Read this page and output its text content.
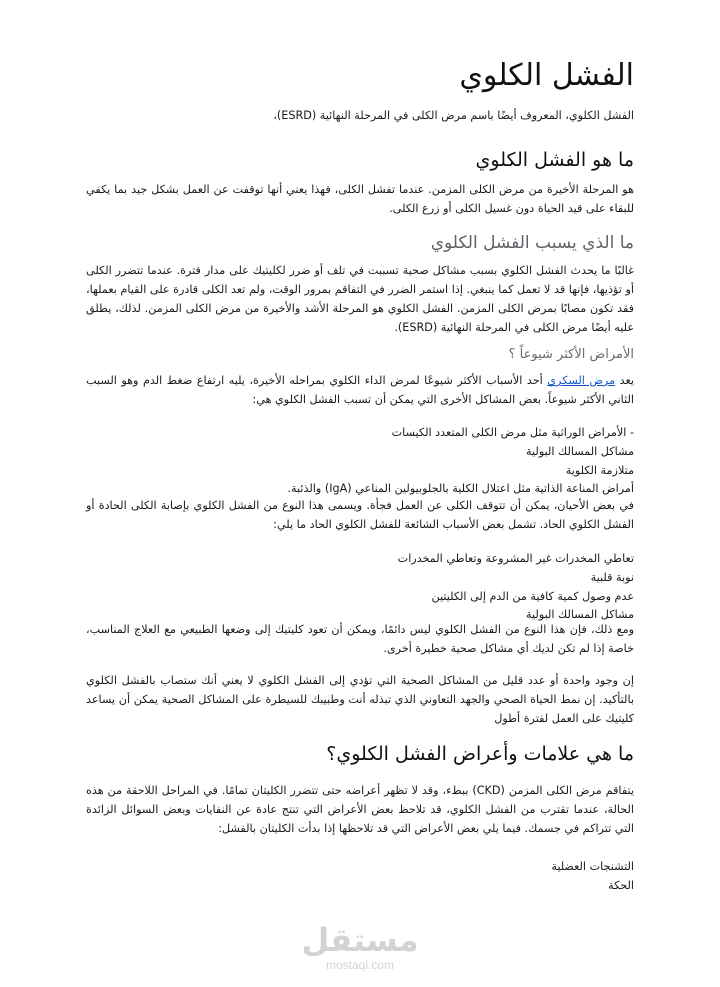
الفشل الكلوي

الفشل الكلوي، المعروف أيضًا باسم مرض الكلى في المرحلة النهائية (ESRD)،

ما هو الفشل الكلوي

هو المرحلة الأخيرة من مرض الكلى المزمن. عندما تفشل الكلى، فهذا يعني أنها توقفت عن العمل بشكل جيد بما يكفي للبقاء على قيد الحياة دون غسيل الكلى أو زرع الكلى.

ما الذي يسبب الفشل الكلوي

غالبًا ما يحدث الفشل الكلوي بسبب مشاكل صحية تسببت في تلف أو ضرر لكليتيك على مدار فترة. عندما تتضرر الكلى أو تؤذيها، فإنها قد لا تعمل كما ينبغي. إذا استمر الضرر في التفاقم بمرور الوقت، ولم تعد الكلى قادرة على القيام بعملها، فقد تكون مصابًا بمرض الكلى المزمن. الفشل الكلوي هو المرحلة الأشد والأخيرة من مرض الكلى المزمن. لذلك، يطلق عليه أيضًا مرض الكلى في المرحلة النهائية (ESRD).

الأمراض الأكثر شيوعاً ؟

يعد مرض السكري أحد الأسباب الأكثر شيوعًا لمرض الداء الكلوي بمراحله الأخيرة، يليه ارتفاع ضغط الدم وهو السبب الثاني الأكثر شيوعاً. بعض المشاكل الأخرى التي يمكن أن تسبب الفشل الكلوي هي:

- الأمراض الوراثية مثل مرض الكلى المتعدد الكيسات

مشاكل المسالك البولية

متلازمة الكلوية

أمراض المناعة الذاتية مثل اعتلال الكلية بالجلوبيولين المناعي (IgA) والذئبة.

في بعض الأحيان، يمكن أن تتوقف الكلى عن العمل فجأة. ويسمى هذا النوع من الفشل الكلوي بإصابة الكلى الحادة أو الفشل الكلوي الحاد. تشمل بعض الأسباب الشائعة للفشل الكلوي الحاد ما يلي:

تعاطي المخدرات غير المشروعة وتعاطي المخدرات

نوبة قلبية

عدم وصول كمية كافية من الدم إلى الكليتين

مشاكل المسالك البولية

ومع ذلك، فإن هذا النوع من الفشل الكلوي ليس دائمًا، ويمكن أن تعود كليتيك إلى وضعها الطبيعي مع العلاج المناسب، خاصة إذا لم تكن لديك أي مشاكل صحية خطيرة أخرى.

إن وجود واحدة أو عدد قليل من المشاكل الصحية التي تؤدي إلى الفشل الكلوي لا يعني أنك ستصاب بالفشل الكلوي بالتأكيد. إن نمط الحياة الصحي والجهد التعاوني الذي تبذله أنت وطبيبك للسيطرة على المشاكل الصحية يمكن أن يساعد كليتيك على العمل لفترة أطول

ما هي علامات وأعراض الفشل الكلوي؟

يتفاقم مرض الكلى المزمن (CKD) ببطء، وقد لا تظهر أعراضه حتى تتضرر الكليتان تمامًا. في المراحل اللاحقة من هذه الحالة، عندما تقترب من الفشل الكلوي، قد تلاحظ بعض الأعراض التي تنتج عادة عن النفايات وبعض السوائل الزائدة التي تتراكم في جسمك. فيما يلي بعض الأعراض التي قد تلاحظها إذا بدأت الكليتان بالفشل:

التشنجات العضلية

الحكة

مستقل
mostaql.com
